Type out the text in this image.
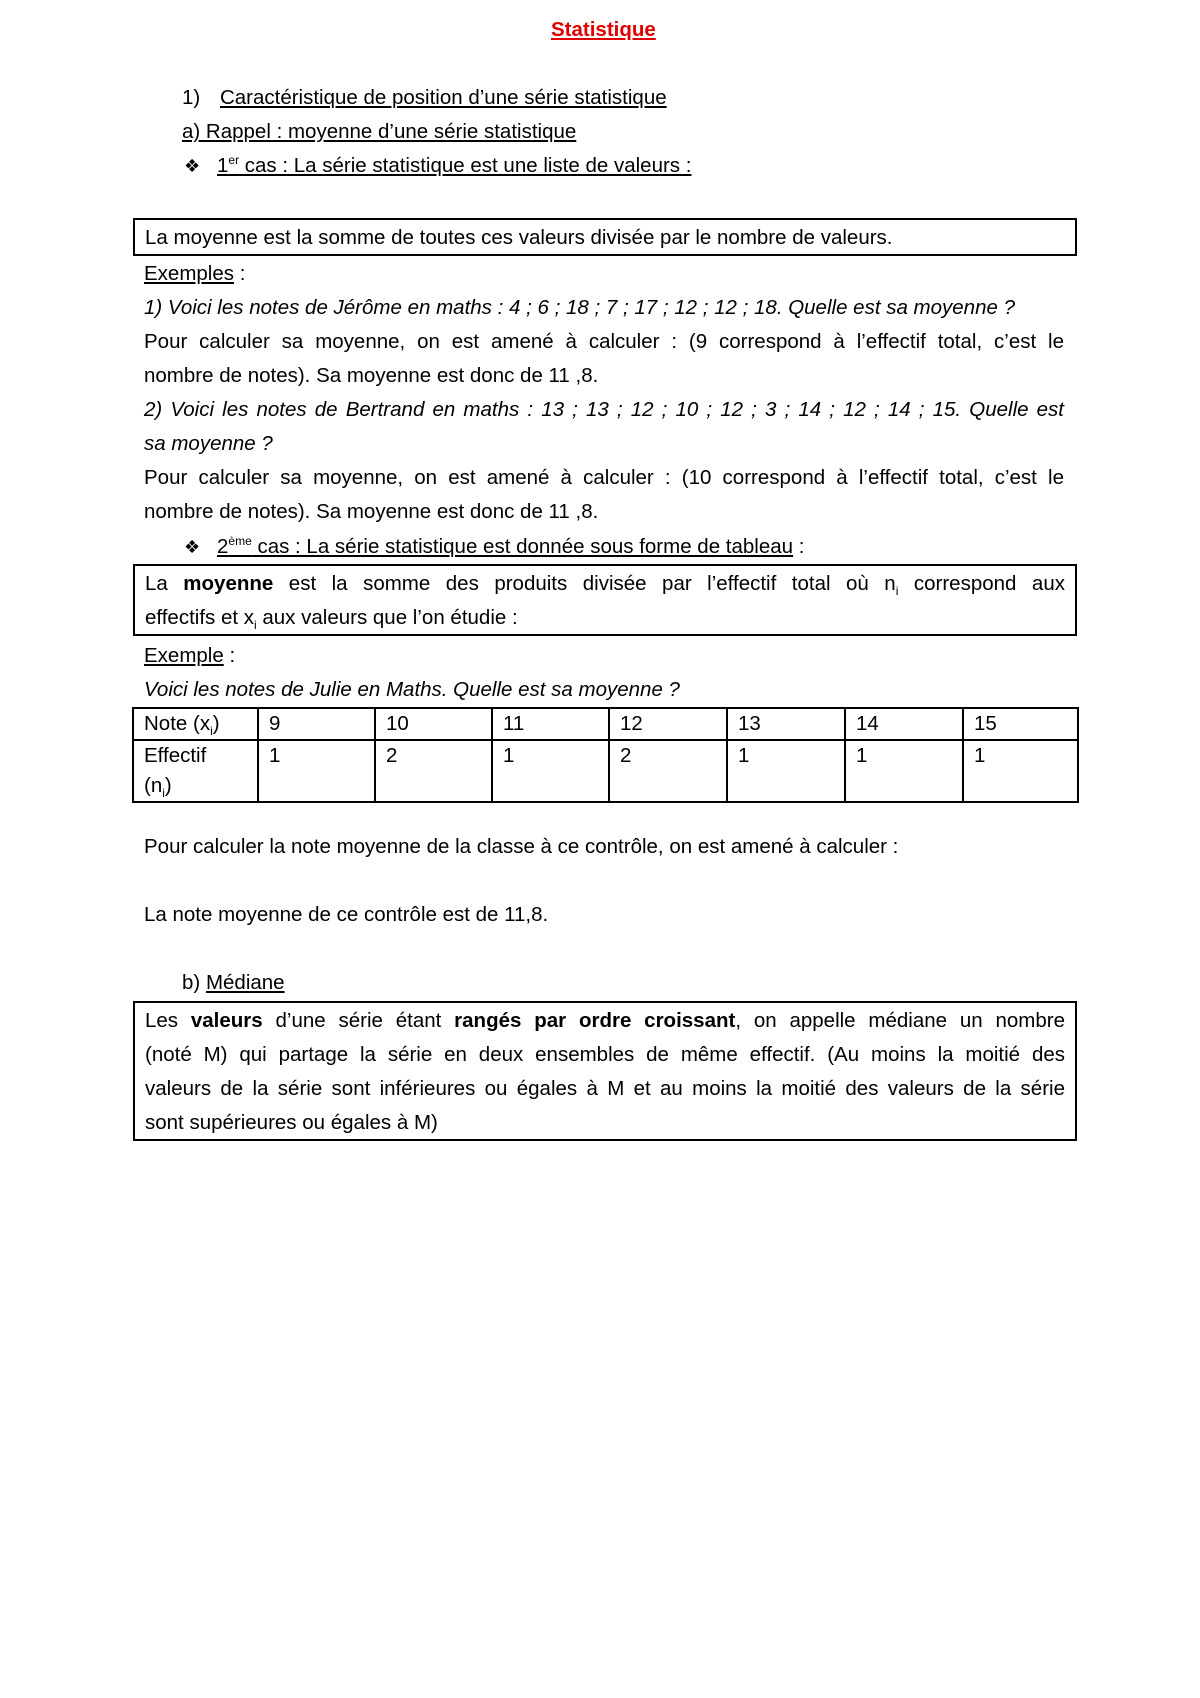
Statistique
1) Caractéristique de position d’une série statistique
a) Rappel : moyenne d’une série statistique
❖ 1er cas : La série statistique est une liste de valeurs :
La moyenne est la somme de toutes ces valeurs divisée par le nombre de valeurs.
Exemples :
1) Voici les notes de Jérôme en maths : 4 ; 6 ; 18 ; 7 ; 17 ; 12 ; 12 ; 18. Quelle est sa moyenne ?
Pour calculer sa moyenne, on est amené à calculer : (9 correspond à l’effectif total, c’est le
nombre de notes). Sa moyenne est donc de 11 ,8.
2) Voici les notes de Bertrand en maths : 13 ; 13 ; 12 ; 10 ; 12 ; 3 ; 14 ; 12 ; 14 ; 15. Quelle est
sa moyenne ?
Pour calculer sa moyenne, on est amené à calculer : (10 correspond à l’effectif total, c’est le
nombre de notes). Sa moyenne est donc de 11 ,8.
❖ 2ème cas : La série statistique est donnée sous forme de tableau :
La moyenne est la somme des produits divisée par l’effectif total où $n_i$ correspond aux
effectifs et $x_i$ aux valeurs que l’on étudie :
Exemple :
Voici les notes de Julie en Maths. Quelle est sa moyenne ?
Note $(x_i)$	9	10	11	12	13	14	15
Effectif
$(n_i)$	1	2	1	2	1	1	1
Pour calculer la note moyenne de la classe à ce contrôle, on est amené à calculer :
La note moyenne de ce contrôle est de 11,8.
b) Médiane
Les valeurs d’une série étant rangés par ordre croissant, on appelle médiane un nombre
(noté M) qui partage la série en deux ensembles de même effectif. (Au moins la moitié des
valeurs de la série sont inférieures ou égales à M et au moins la moitié des valeurs de la série
sont supérieures ou égales à M)
